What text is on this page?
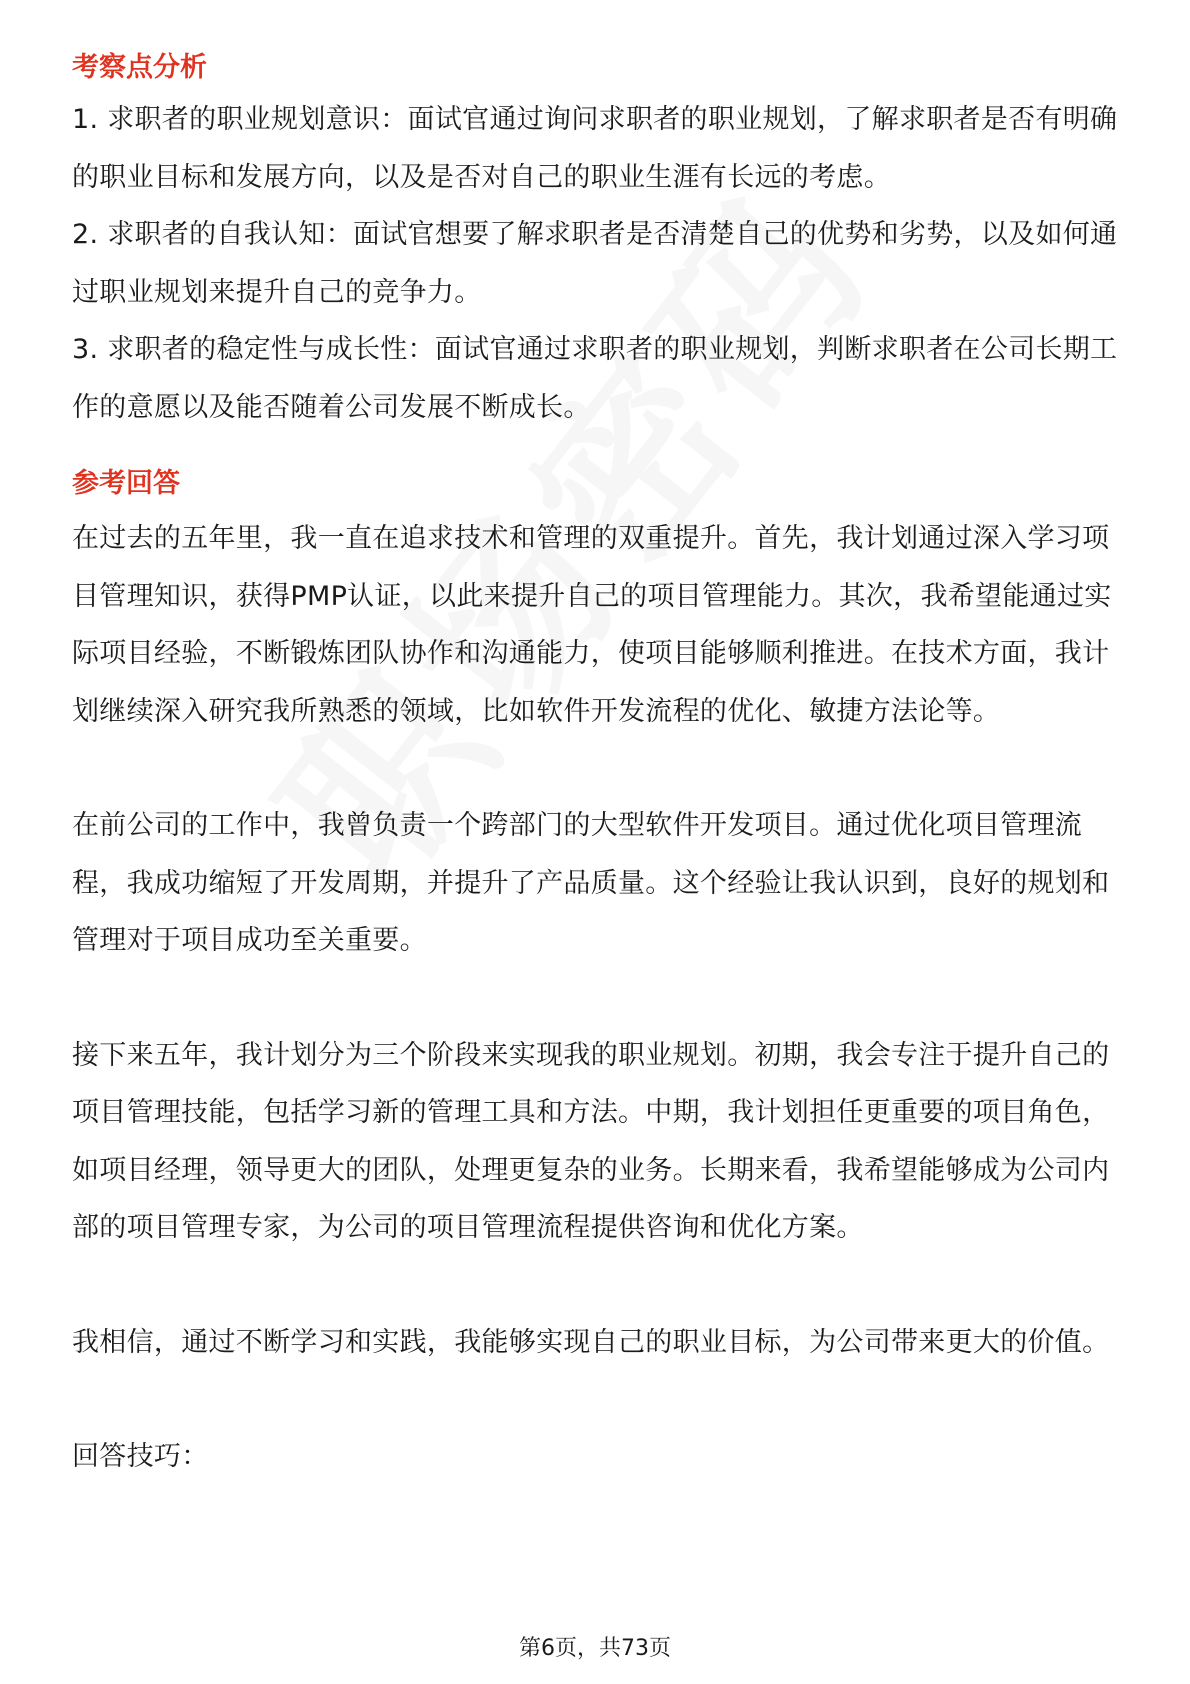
考察点分析

1. 求职者的职业规划意识：面试官通过询问求职者的职业规划，了解求职者是否有明确的职业目标和发展方向，以及是否对自己的职业生涯有长远的考虑。

2. 求职者的自我认知：面试官想要了解求职者是否清楚自己的优势和劣势，以及如何通过职业规划来提升自己的竞争力。

3. 求职者的稳定性与成长性：面试官通过求职者的职业规划，判断求职者在公司长期工作的意愿以及能否随着公司发展不断成长。

参考回答

在过去的五年里，我一直在追求技术和管理的双重提升。首先，我计划通过深入学习项目管理知识，获得PMP认证，以此来提升自己的项目管理能力。其次，我希望能通过实际项目经验，不断锻炼团队协作和沟通能力，使项目能够顺利推进。在技术方面，我计划继续深入研究我所熟悉的领域，比如软件开发流程的优化、敏捷方法论等。

在前公司的工作中，我曾负责一个跨部门的大型软件开发项目。通过优化项目管理流程，我成功缩短了开发周期，并提升了产品质量。这个经验让我认识到，良好的规划和管理对于项目成功至关重要。

接下来五年，我计划分为三个阶段来实现我的职业规划。初期，我会专注于提升自己的项目管理技能，包括学习新的管理工具和方法。中期，我计划担任更重要的项目角色，如项目经理，领导更大的团队，处理更复杂的业务。长期来看，我希望能够成为公司内部的项目管理专家，为公司的项目管理流程提供咨询和优化方案。

我相信，通过不断学习和实践，我能够实现自己的职业目标，为公司带来更大的价值。

回答技巧：

第6页，共73页
